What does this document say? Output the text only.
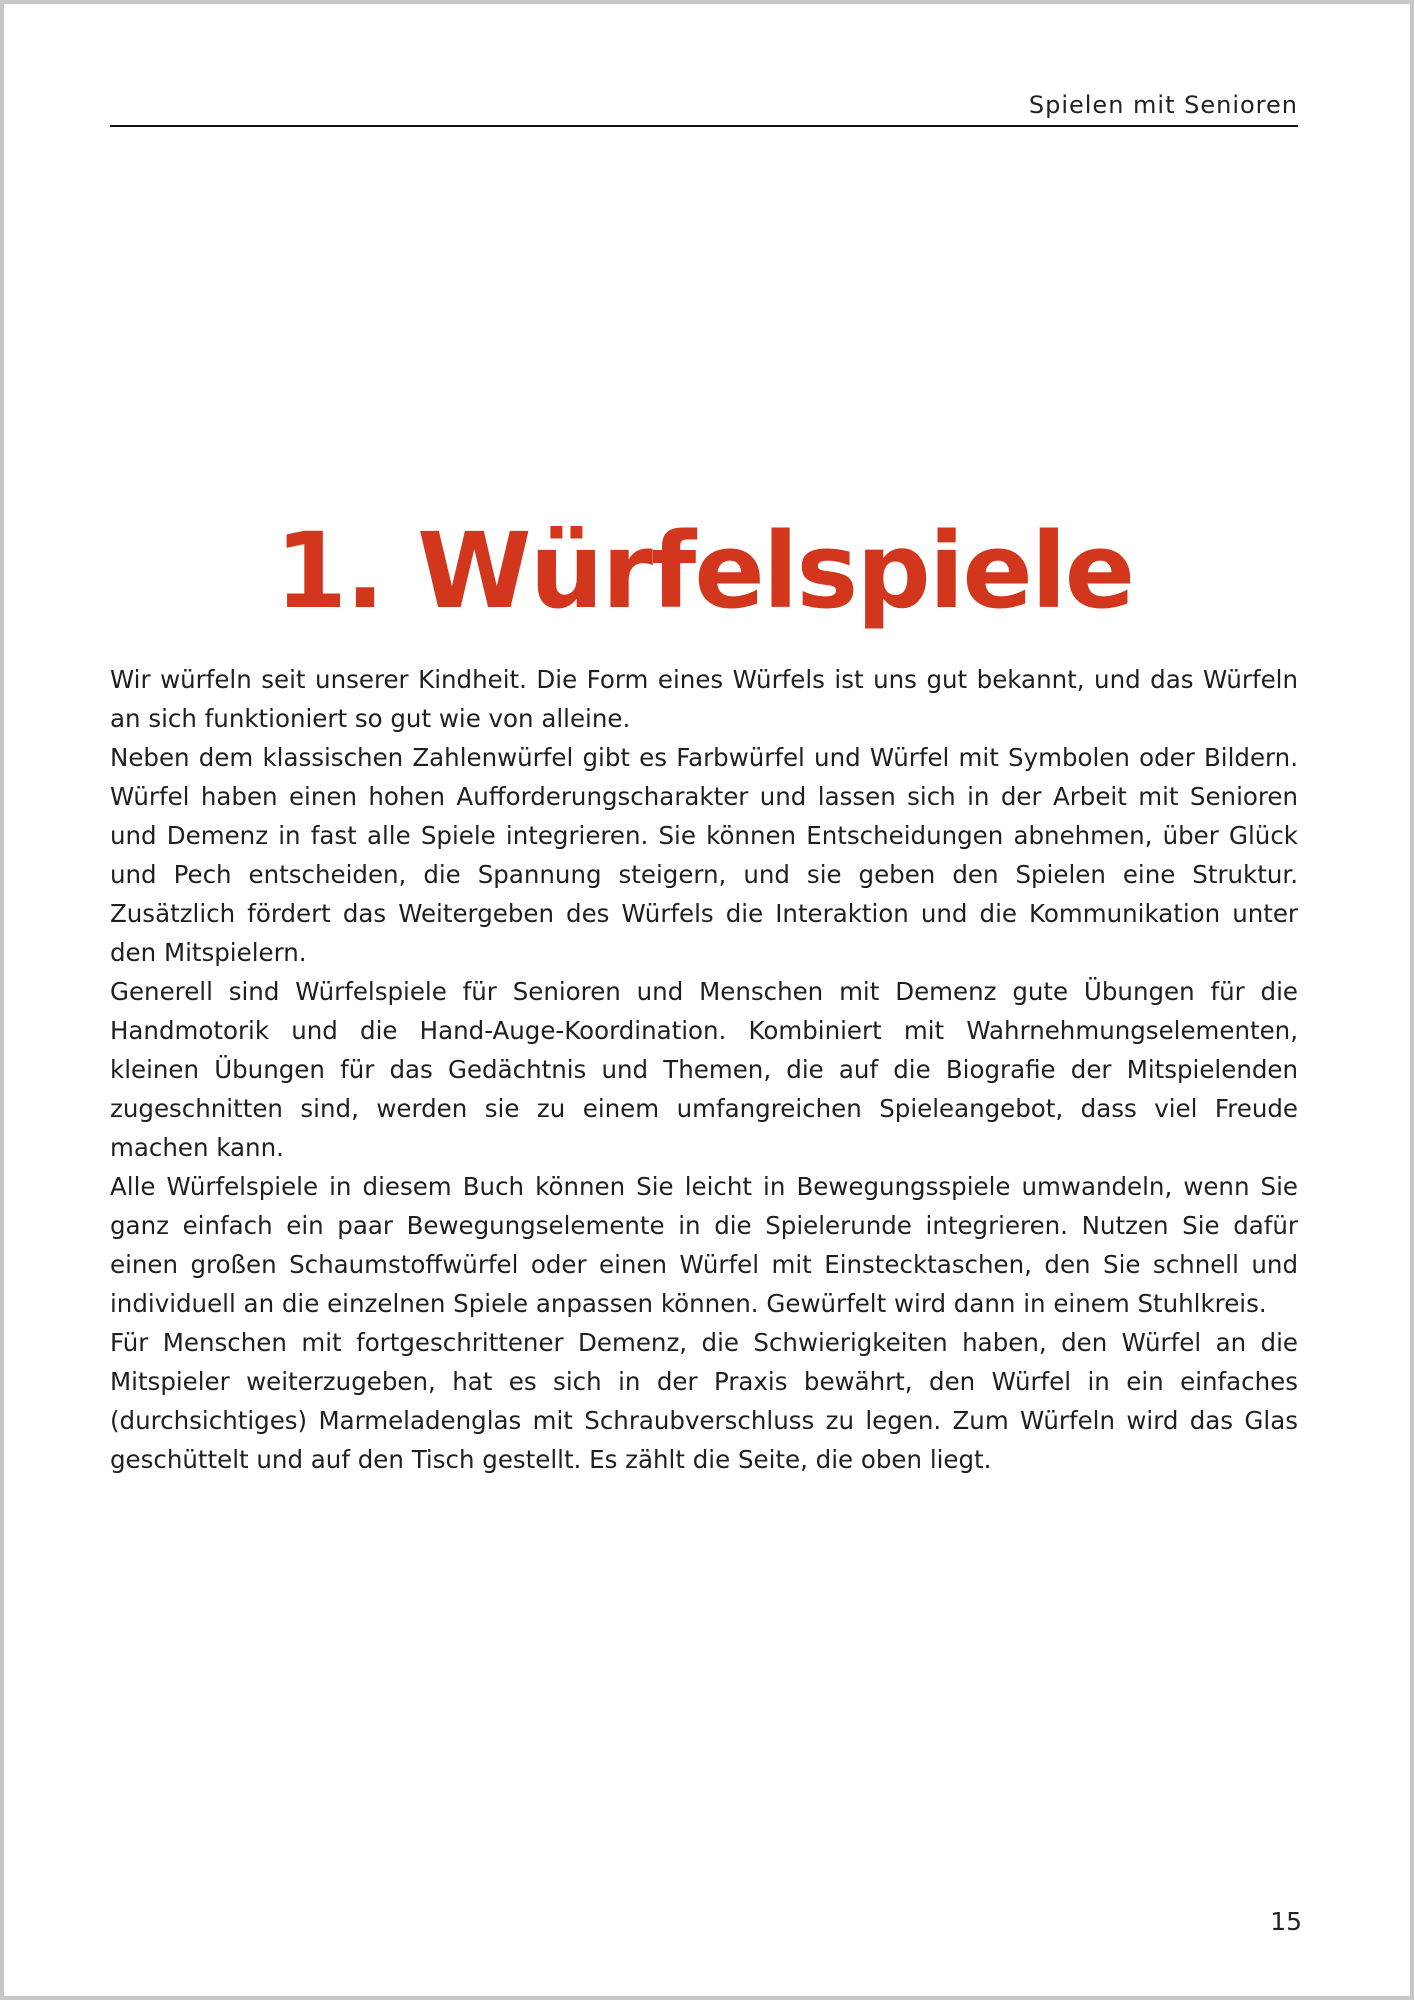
Spielen mit Senioren
1. Würfelspiele

Wir würfeln seit unserer Kindheit. Die Form eines Würfels ist uns gut bekannt, und das Würfeln an sich funktioniert so gut wie von alleine.

Neben dem klassischen Zahlenwürfel gibt es Farbwürfel und Würfel mit Symbolen oder Bildern. Würfel haben einen hohen Aufforderungscharakter und lassen sich in der Arbeit mit Senioren und Demenz in fast alle Spiele integrieren. Sie können Entscheidungen abnehmen, über Glück und Pech entscheiden, die Spannung steigern, und sie geben den Spielen eine Struktur. Zusätzlich fördert das Weitergeben des Würfels die Interaktion und die Kommunikation unter den Mitspielern.

Generell sind Würfelspiele für Senioren und Menschen mit Demenz gute Übungen für die Handmotorik und die Hand-Auge-Koordination. Kombiniert mit Wahrnehmungselementen, kleinen Übungen für das Gedächtnis und Themen, die auf die Biografie der Mitspielenden zugeschnitten sind, werden sie zu einem umfangreichen Spieleangebot, dass viel Freude machen kann.

Alle Würfelspiele in diesem Buch können Sie leicht in Bewegungsspiele umwandeln, wenn Sie ganz einfach ein paar Bewegungselemente in die Spielerunde integrieren. Nutzen Sie dafür einen großen Schaumstoffwürfel oder einen Würfel mit Einstecktaschen, den Sie schnell und individuell an die einzelnen Spiele anpassen können. Gewürfelt wird dann in einem Stuhlkreis.

Für Menschen mit fortgeschrittener Demenz, die Schwierigkeiten haben, den Würfel an die Mitspieler weiterzugeben, hat es sich in der Praxis bewährt, den Würfel in ein einfaches (durchsichtiges) Marmeladenglas mit Schraubverschluss zu legen. Zum Würfeln wird das Glas geschüttelt und auf den Tisch gestellt. Es zählt die Seite, die oben liegt.

15
